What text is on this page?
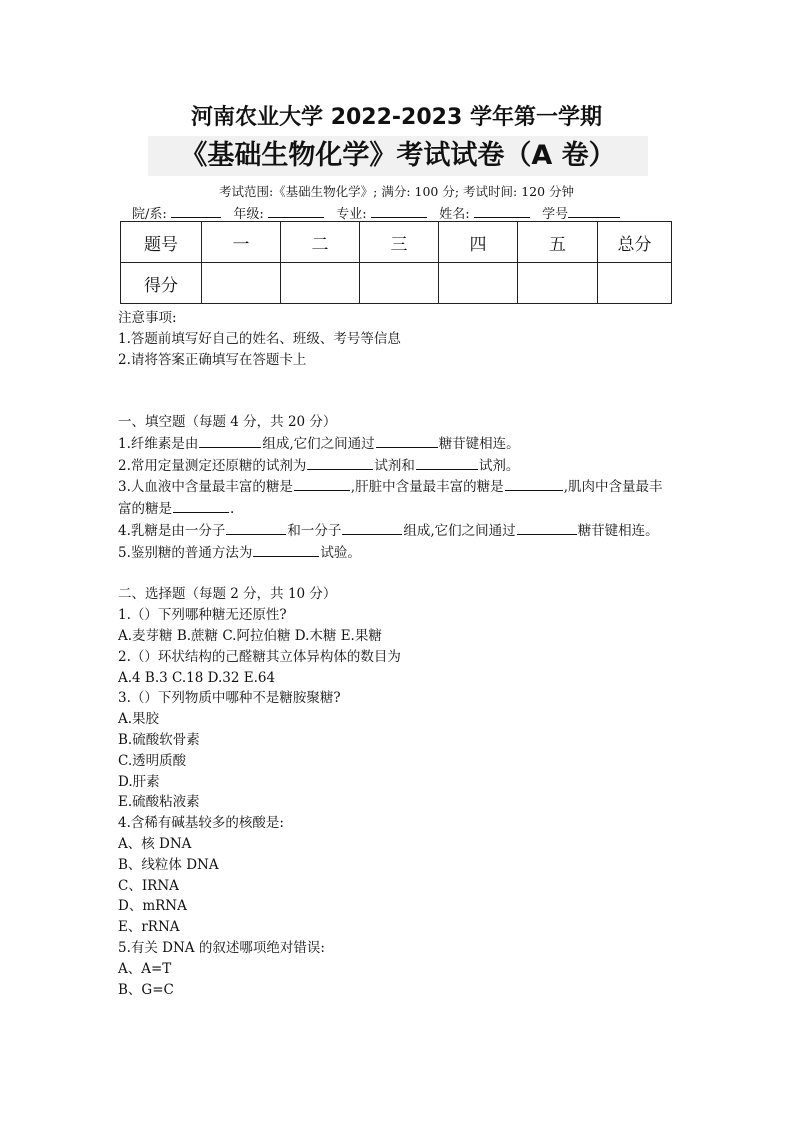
河南农业大学 2022-2023 学年第一学期
《基础生物化学》考试试卷（A 卷）
考试范围:《基础生物化学》; 满分: 100 分; 考试时间: 120 分钟
院/系:	年级:	专业:	姓名:	学号
题号	一	二	三	四	五	总分
得分						
注意事项:
1.答题前填写好自己的姓名、班级、考号等信息
2.请将答案正确填写在答题卡上
一、填空题（每题 4 分，共 20 分）
1.纤维素是由	组成,它们之间通过	糖苷键相连。
2.常用定量测定还原糖的试剂为	试剂和	试剂。
3.人血液中含量最丰富的糖是	,肝脏中含量最丰富的糖是	,肌肉中含量最丰富的糖是	.
4.乳糖是由一分子	和一分子	组成,它们之间通过	糖苷键相连。
5.鉴别糖的普通方法为	试验。
二、选择题（每题 2 分，共 10 分）
1.（）下列哪种糖无还原性?
A.麦芽糖 B.蔗糖 C.阿拉伯糖 D.木糖 E.果糖
2.（）环状结构的己醛糖其立体异构体的数目为
A.4 B.3 C.18 D.32 E.64
3.（）下列物质中哪种不是糖胺聚糖?
A.果胶
B.硫酸软骨素
C.透明质酸
D.肝素
E.硫酸粘液素
4.含稀有碱基较多的核酸是:
A、核 DNA
B、线粒体 DNA
C、IRNA
D、mRNA
E、rRNA
5.有关 DNA 的叙述哪项绝对错误:
A、A=T
B、G=C
